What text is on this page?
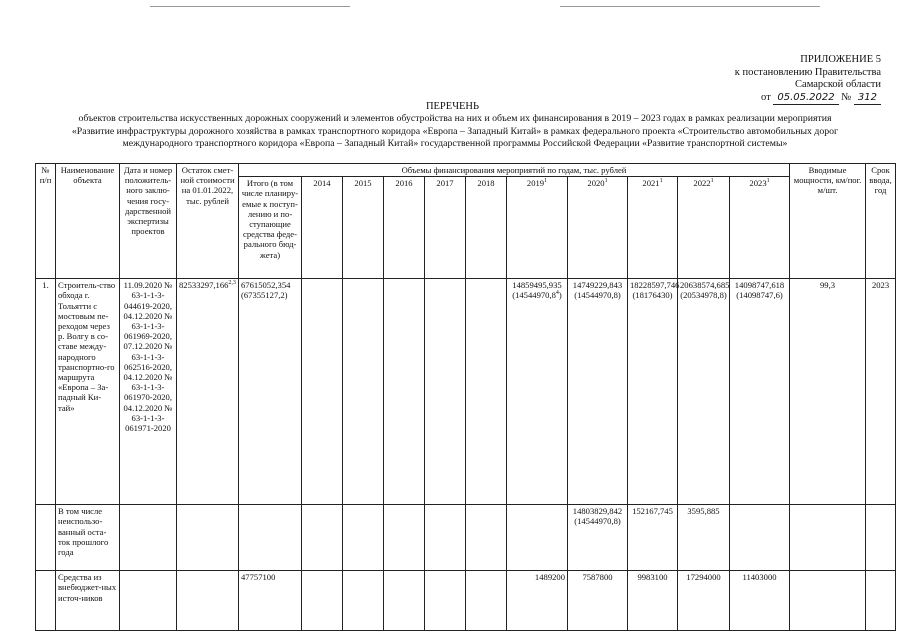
ПРИЛОЖЕНИЕ 5
к постановлению Правительства
Самарской области
от 05.05.2022 № 312
ПЕРЕЧЕНЬ
объектов строительства искусственных дорожных сооружений и элементов обустройства на них и объем их финансирования в 2019 – 2023 годах в рамках реализации мероприятия
«Развитие инфраструктуры дорожного хозяйства в рамках транспортного коридора «Европа – Западный Китай» в рамках федерального проекта «Строительство автомобильных дорог
международного транспортного коридора «Европа – Западный Китай» государственной программы Российской Федерации «Развитие транспортной системы»
№ п/п	Наименование объекта	Дата и номер положитель-ного заклю-чения госу-дарственной экспертизы проектов	Остаток смет-ной стоимости на 01.01.2022, тыс. рублей	Объемы финансирования мероприятий по годам, тыс. рублей											Вводимые мощности, км/пог. м/шт.	Срок ввода, год
				Итого (в том числе планиру-емые к поступ-лению и по-ступающие средства феде-рального бюд-жета)	2014	2015	2016	2017	2018	2019$^1$	2020$^1$	2021$^1$	2022$^1$	2023$^1$
1.	Строитель-ство обхода г. Тольятти с мостовым пе-реходом через р. Волгу в со-ставе между-народного транспортно-го маршрута «Европа – За-падный Ки-тай»	11.09.2020 № 63-1-1-3-044619-2020, 04.12.2020 № 63-1-1-3-061969-2020, 07.12.2020 № 63-1-1-3-062516-2020, 04.12.2020 № 63-1-1-3-061970-2020, 04.12.2020 № 63-1-1-3-061971-2020	82533297,166$^{2,3}$	67615052,354 (67355127,2)						14859495,935 (14544970,8$^4$)	14749229,843 (14544970,8)	18228597,746 (18176430)	20638574,685 (20534978,8)	14098747,618 (14098747,6)	99,3	2023
	В том числе неиспользо-ванный оста-ток прошлого года										14803829,842 (14544970,8)	152167,745	3595,885			
	Средства из внебюджет-ных источ-ников			47757100						1489200	7587800	9983100	17294000	11403000		
